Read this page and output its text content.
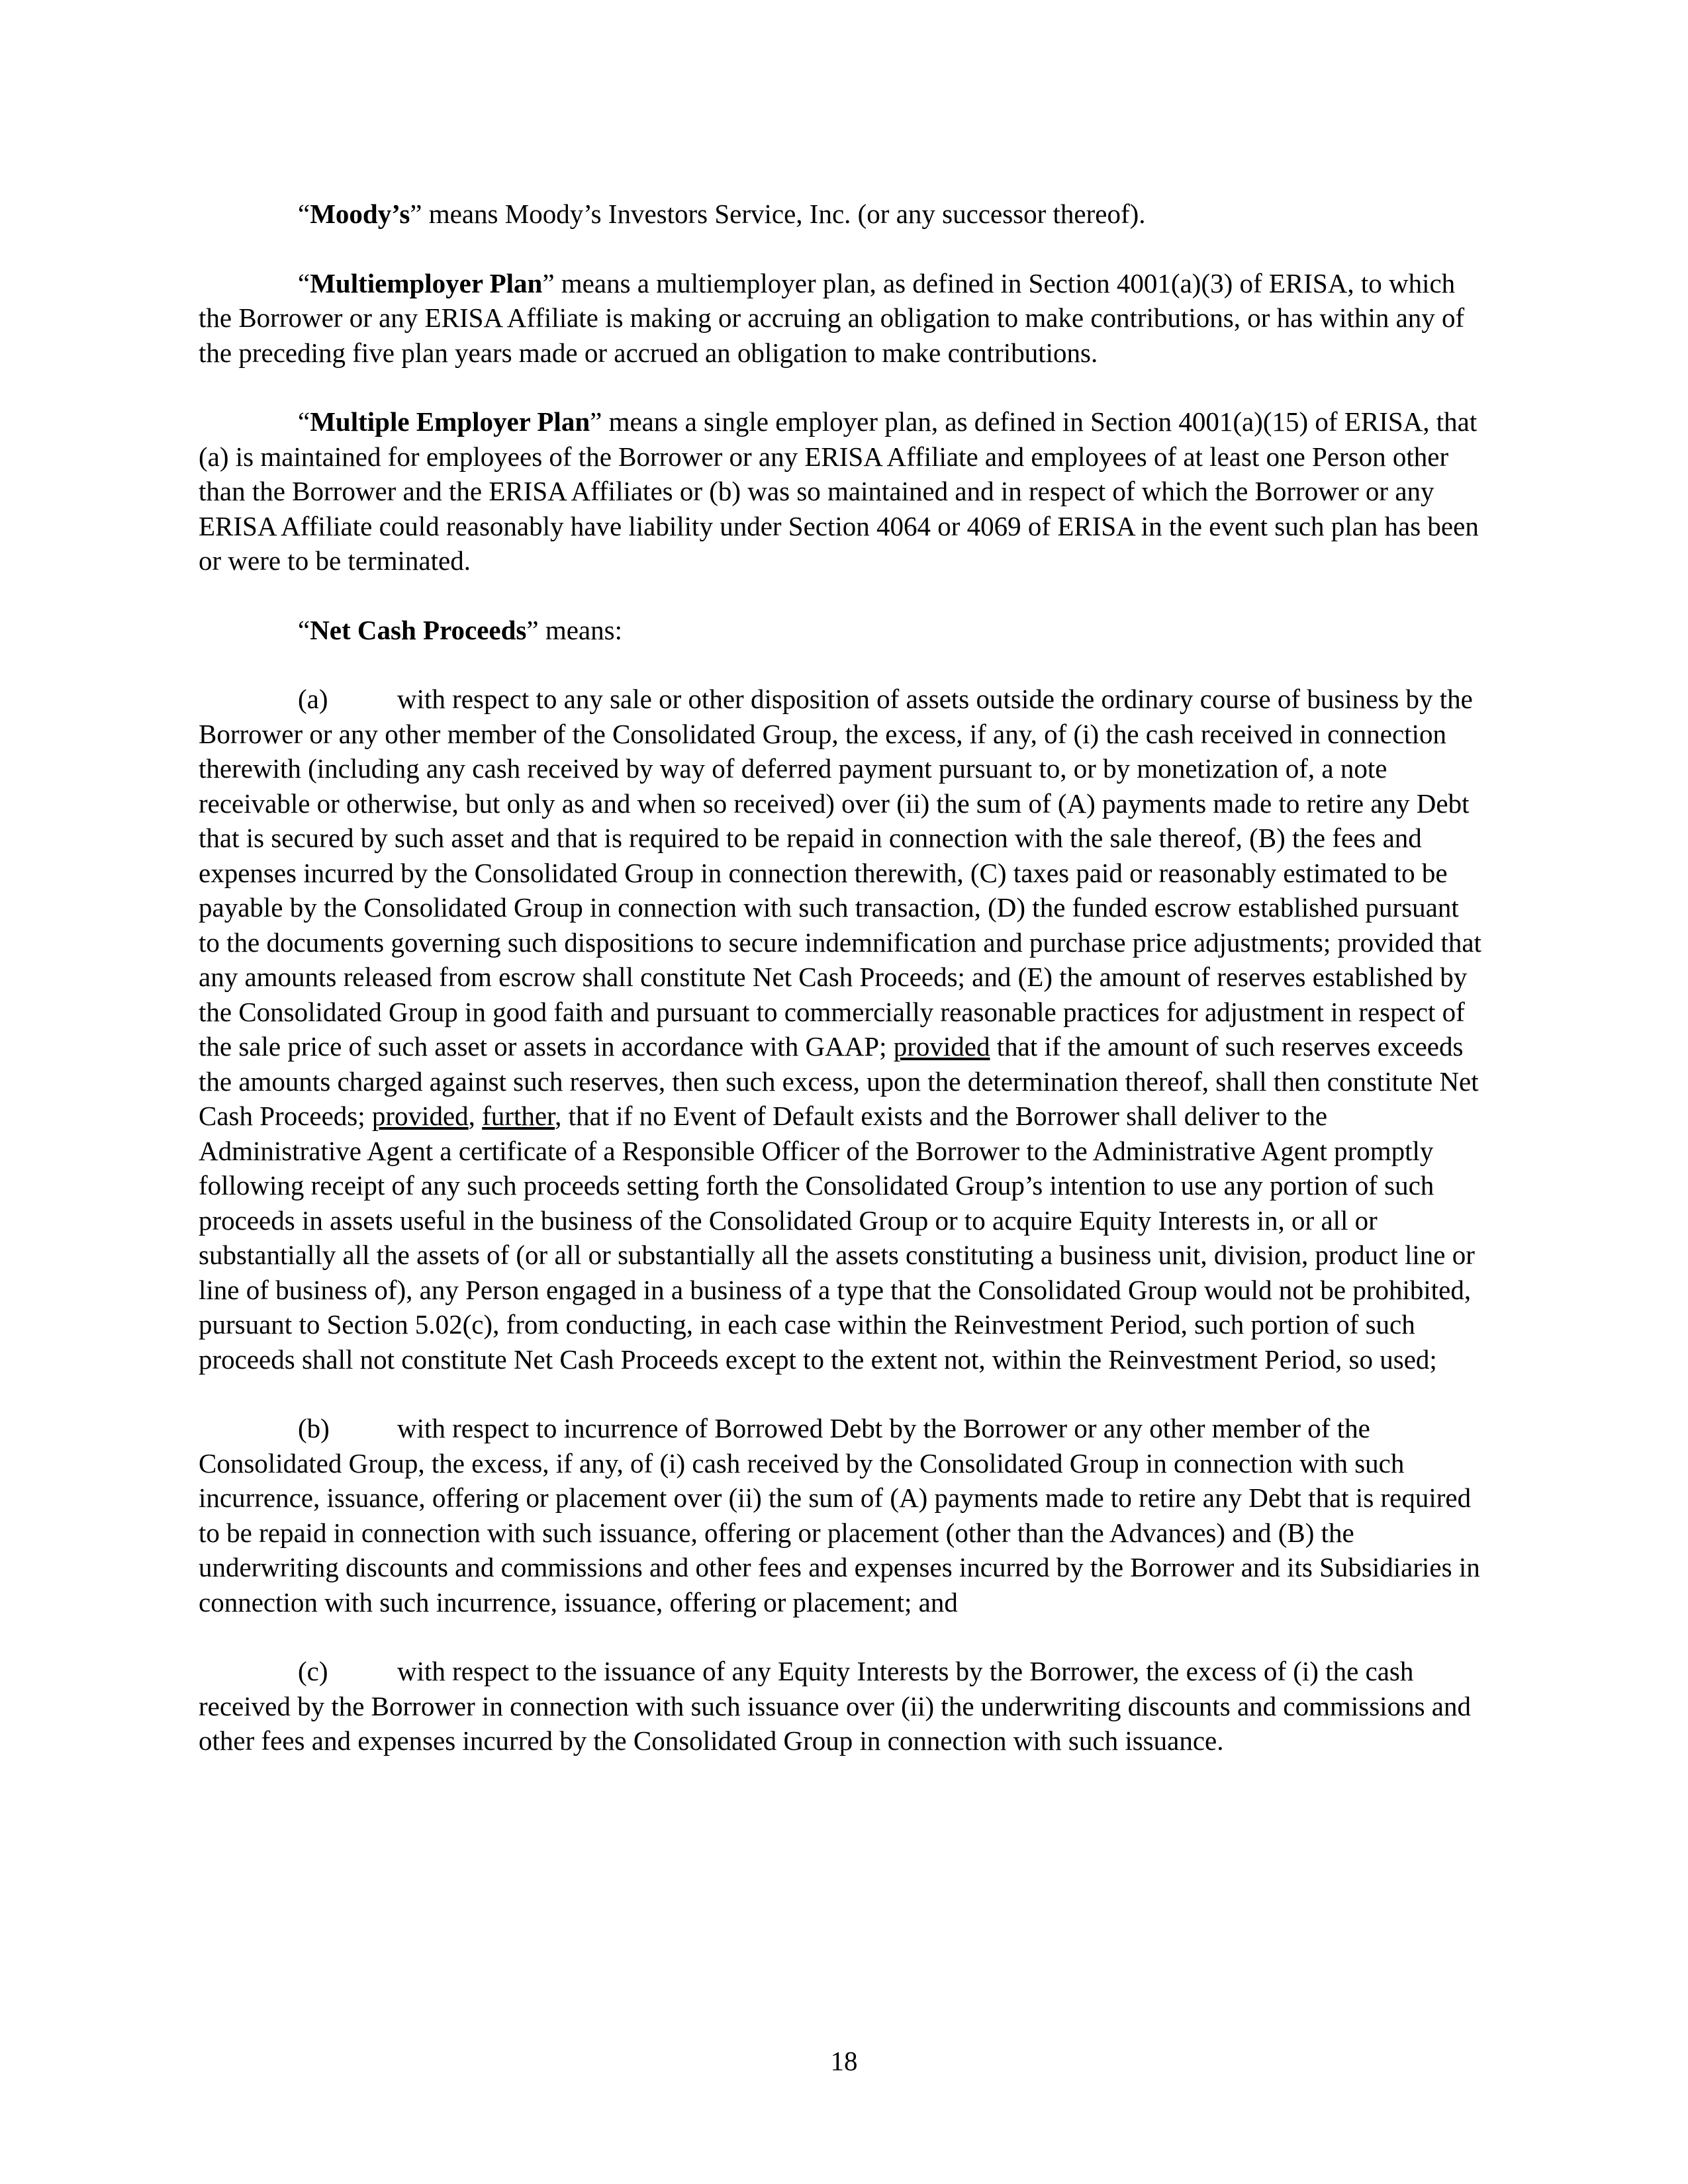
“Moody’s” means Moody’s Investors Service, Inc. (or any successor thereof).

“Multiemployer Plan” means a multiemployer plan, as defined in Section 4001(a)(3) of ERISA, to which the Borrower or any ERISA Affiliate is making or accruing an obligation to make contributions, or has within any of the preceding five plan years made or accrued an obligation to make contributions.

“Multiple Employer Plan” means a single employer plan, as defined in Section 4001(a)(15) of ERISA, that (a) is maintained for employees of the Borrower or any ERISA Affiliate and employees of at least one Person other than the Borrower and the ERISA Affiliates or (b) was so maintained and in respect of which the Borrower or any ERISA Affiliate could reasonably have liability under Section 4064 or 4069 of ERISA in the event such plan has been or were to be terminated.

“Net Cash Proceeds” means:

(a)	with respect to any sale or other disposition of assets outside the ordinary course of business by the Borrower or any other member of the Consolidated Group, the excess, if any, of (i) the cash received in connection therewith (including any cash received by way of deferred payment pursuant to, or by monetization of, a note receivable or otherwise, but only as and when so received) over (ii) the sum of (A) payments made to retire any Debt that is secured by such asset and that is required to be repaid in connection with the sale thereof, (B) the fees and expenses incurred by the Consolidated Group in connection therewith, (C) taxes paid or reasonably estimated to be payable by the Consolidated Group in connection with such transaction, (D) the funded escrow established pursuant to the documents governing such dispositions to secure indemnification and purchase price adjustments; provided that any amounts released from escrow shall constitute Net Cash Proceeds; and (E) the amount of reserves established by the Consolidated Group in good faith and pursuant to commercially reasonable practices for adjustment in respect of the sale price of such asset or assets in accordance with GAAP; provided that if the amount of such reserves exceeds the amounts charged against such reserves, then such excess, upon the determination thereof, shall then constitute Net Cash Proceeds; provided, further, that if no Event of Default exists and the Borrower shall deliver to the Administrative Agent a certificate of a Responsible Officer of the Borrower to the Administrative Agent promptly following receipt of any such proceeds setting forth the Consolidated Group’s intention to use any portion of such proceeds in assets useful in the business of the Consolidated Group or to acquire Equity Interests in, or all or substantially all the assets of (or all or substantially all the assets constituting a business unit, division, product line or line of business of), any Person engaged in a business of a type that the Consolidated Group would not be prohibited, pursuant to Section 5.02(c), from conducting, in each case within the Reinvestment Period, such portion of such proceeds shall not constitute Net Cash Proceeds except to the extent not, within the Reinvestment Period, so used;

(b) with respect to incurrence of Borrowed Debt by the Borrower or any other member of the Consolidated Group, the excess, if any, of (i) cash received by the Consolidated Group in connection with such incurrence, issuance, offering or placement over (ii) the sum of (A) payments made to retire any Debt that is required to be repaid in connection with such issuance, offering or placement (other than the Advances) and (B) the underwriting discounts and commissions and other fees and expenses incurred by the Borrower and its Subsidiaries in connection with such incurrence, issuance, offering or placement; and

(c)	with respect to the issuance of any Equity Interests by the Borrower, the excess of (i) the cash received by the Borrower in connection with such issuance over (ii) the underwriting discounts and commissions and other fees and expenses incurred by the Consolidated Group in connection with such issuance.

18
